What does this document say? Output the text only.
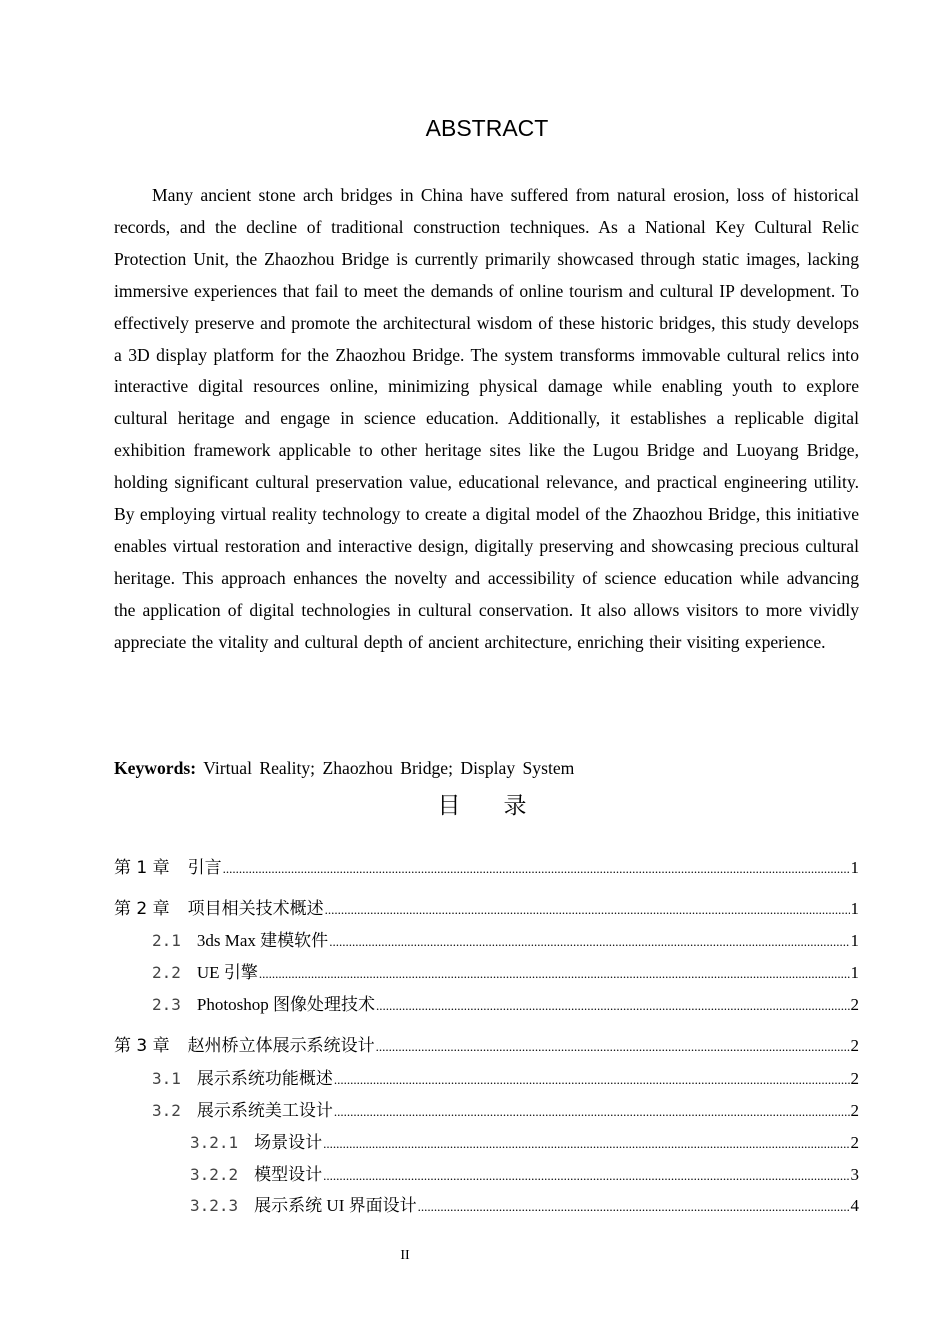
ABSTRACT

Many ancient stone arch bridges in China have suffered from natural erosion, loss of historical records, and the decline of traditional construction techniques. As a National Key Cultural Relic Protection Unit, the Zhaozhou Bridge is currently primarily showcased through static images, lacking immersive experiences that fail to meet the demands of online tourism and cultural IP development. To effectively preserve and promote the architectural wisdom of these historic bridges, this study develops a 3D display platform for the Zhaozhou Bridge. The system transforms immovable cultural relics into interactive digital resources online, minimizing physical damage while enabling youth to explore cultural heritage and engage in science education. Additionally, it establishes a replicable digital exhibition framework applicable to other heritage sites like the Lugou Bridge and Luoyang Bridge, holding significant cultural preservation value, educational relevance, and practical engineering utility. By employing virtual reality technology to create a digital model of the Zhaozhou Bridge, this initiative enables virtual restoration and interactive design, digitally preserving and showcasing precious cultural heritage. This approach enhances the novelty and accessibility of science education while advancing the application of digital technologies in cultural conservation. It also allows visitors to more vividly appreciate the vitality and cultural depth of ancient architecture, enriching their visiting experience.

Keywords: Virtual Reality; Zhaozhou Bridge; Display System
目　录
第 1 章 引言 .....	1
第 2 章 项目相关技术概述 .....	1
2.1 3ds Max 建模软件 .....	1
2.2 UE 引擎 .....	1
2.3 Photoshop 图像处理技术 .....	2
第 3 章 赵州桥立体展示系统设计 .....	2
3.1 展示系统功能概述 .....	2
3.2 展示系统美工设计 .....	2
3.2.1 场景设计 .....	2
3.2.2 模型设计 .....	3
3.2.3 展示系统 UI 界面设计 .....	4
II
